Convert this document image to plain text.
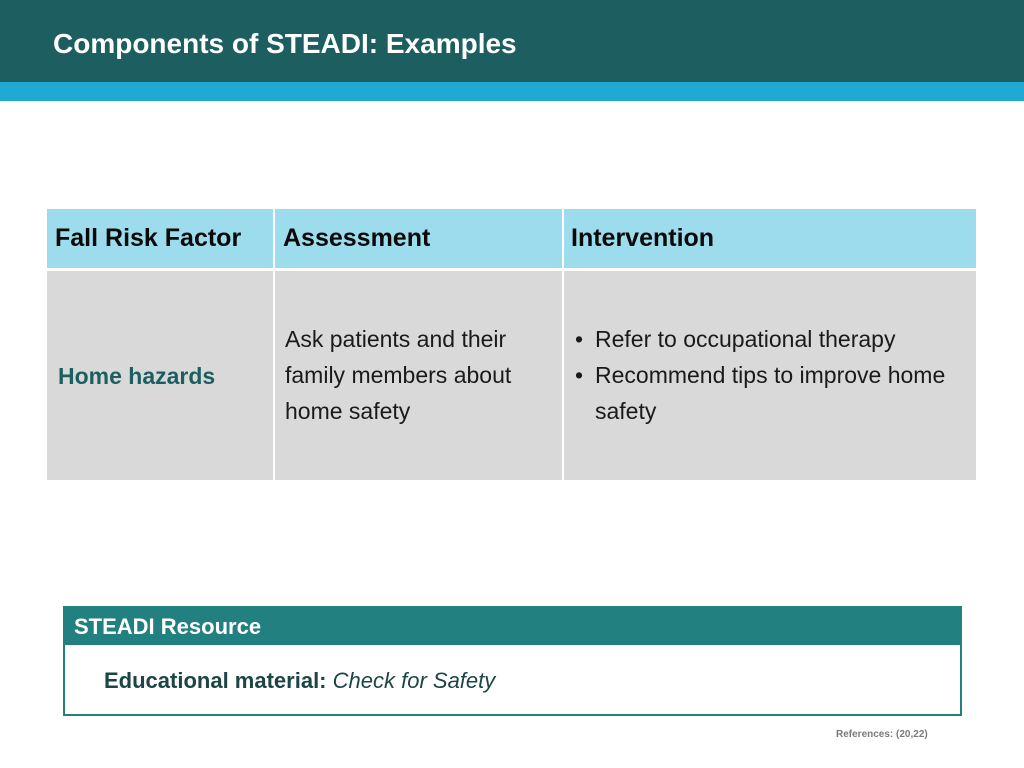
Components of STEADI: Examples
Fall Risk Factor	Assessment	Intervention
Home hazards

Ask patients and their family members about home safety

• Refer to occupational therapy
• Recommend tips to improve home safety
STEADI Resource
Educational material: Check for Safety
References: (20,22)
